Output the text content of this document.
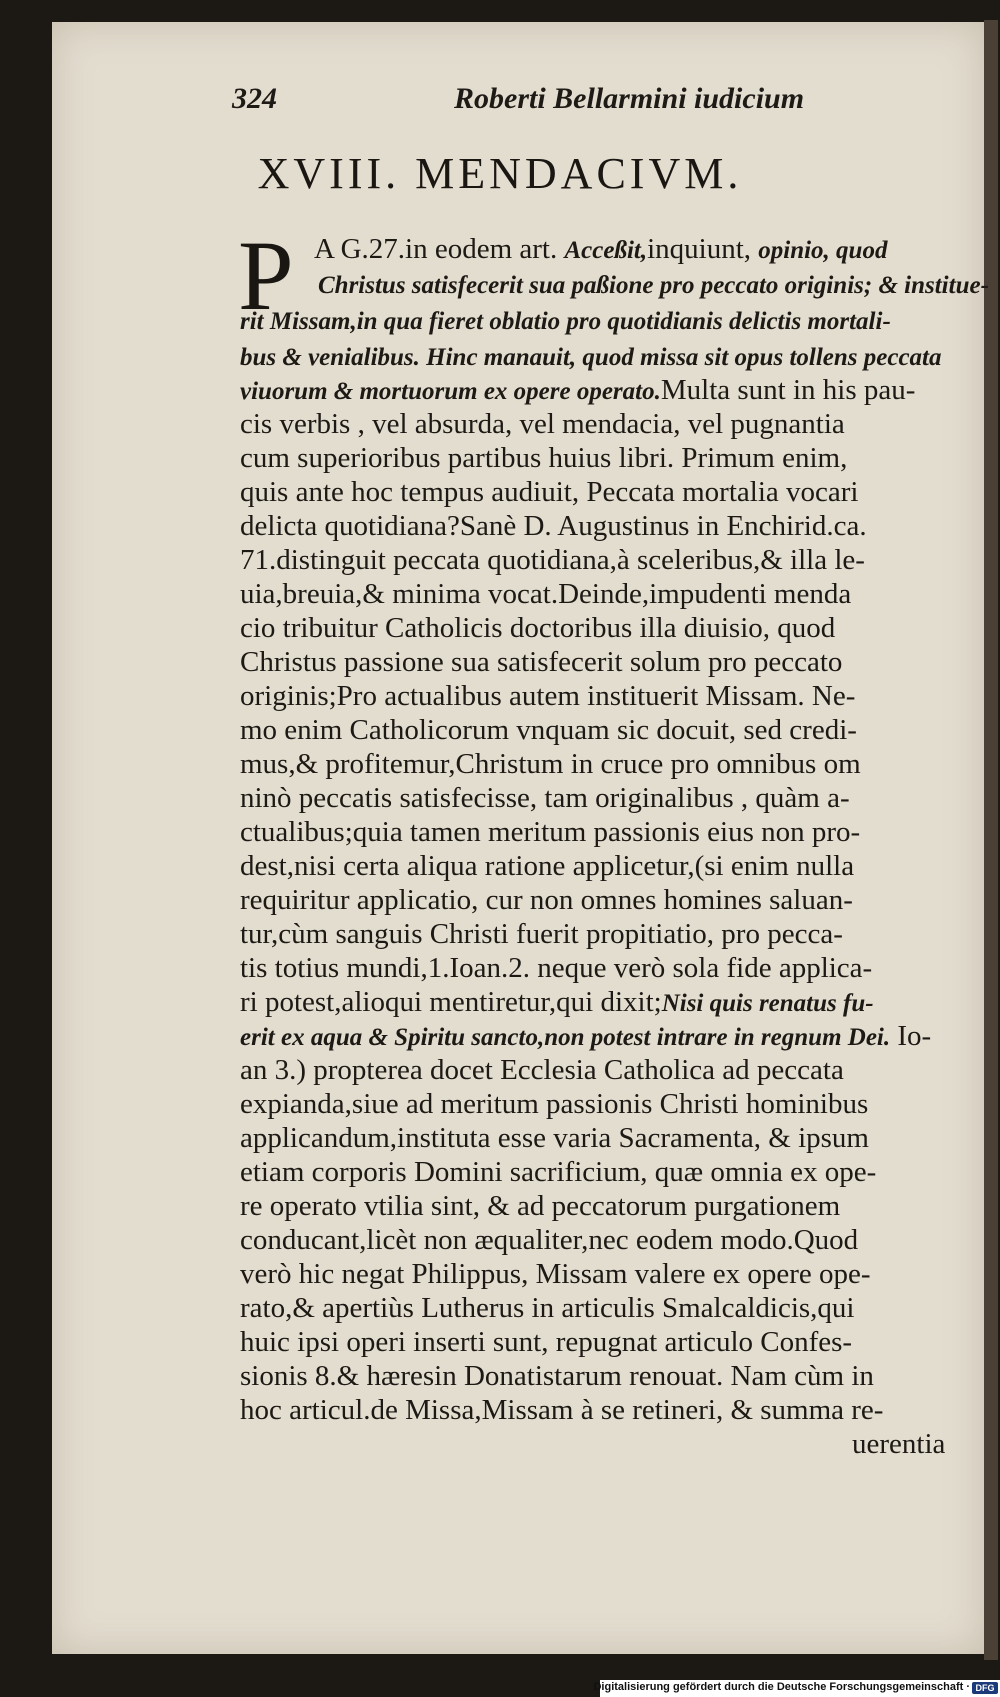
324	Roberti Bellarmini iudicium
XVIII. MENDACIVM.
P A G.27.in eodem art. Acceßit,inquiunt, opinio, quod
Christus satisfecerit sua paßione pro peccato originis; & institue-
rit Missam,in qua fieret oblatio pro quotidianis delictis mortali-
bus & venialibus. Hinc manauit, quod missa sit opus tollens peccata
viuorum & mortuorum ex opere operato.Multa sunt in his pau-
cis verbis , vel absurda, vel mendacia, vel pugnantia
cum superioribus partibus huius libri. Primum enim,
quis ante hoc tempus audiuit, Peccata mortalia vocari
delicta quotidiana?Sanè D. Augustinus in Enchirid.ca.
71.distinguit peccata quotidiana,à sceleribus,& illa le-
uia,breuia,& minima vocat.Deinde,impudenti menda
cio tribuitur Catholicis doctoribus illa diuisio, quod
Christus passione sua satisfecerit solum pro peccato
originis;Pro actualibus autem instituerit Missam. Ne-
mo enim Catholicorum vnquam sic docuit, sed credi-
mus,& profitemur,Christum in cruce pro omnibus om
ninò peccatis satisfecisse, tam originalibus , quàm a-
ctualibus;quia tamen meritum passionis eius non pro-
dest,nisi certa aliqua ratione applicetur,(si enim nulla
requiritur applicatio, cur non omnes homines saluan-
tur,cùm sanguis Christi fuerit propitiatio, pro pecca-
tis totius mundi,1.Ioan.2. neque verò sola fide applica-
ri potest,alioqui mentiretur,qui dixit;Nisi quis renatus fu-
erit ex aqua & Spiritu sancto,non potest intrare in regnum Dei. Io-
an 3.) propterea docet Ecclesia Catholica ad peccata
expianda,siue ad meritum passionis Christi hominibus
applicandum,instituta esse varia Sacramenta, & ipsum
etiam corporis Domini sacrificium, quæ omnia ex ope-
re operato vtilia sint, & ad peccatorum purgationem
conducant,licèt non æqualiter,nec eodem modo.Quod
verò hic negat Philippus, Missam valere ex opere ope-
rato,& apertiùs Lutherus in articulis Smalcaldicis,qui
huic ipsi operi inserti sunt, repugnat articulo Confes-
sionis 8.& hæresin Donatistarum renouat. Nam cùm in
hoc articul.de Missa,Missam à se retineri, & summa re-
uerentia
Digitalisierung gefördert durch die Deutsche Forschungsgemeinschaft · DFG
